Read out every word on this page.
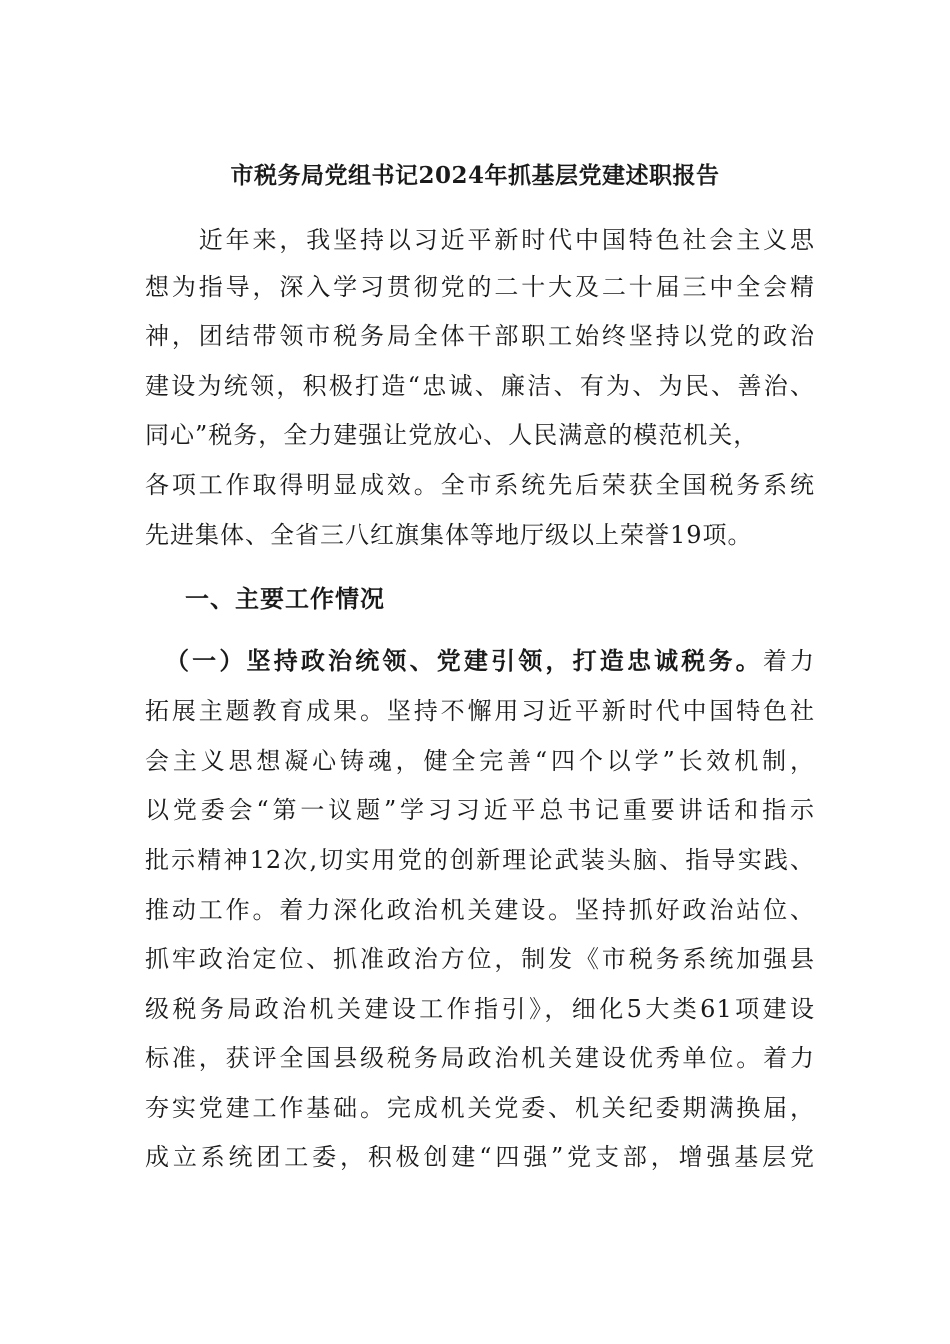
市税务局党组书记2024年抓基层党建述职报告
　　近年来，我坚持以习近平新时代中国特色社会主义思
想为指导，深入学习贯彻党的二十大及二十届三中全会精
神，团结带领市税务局全体干部职工始终坚持以党的政治
建设为统领，积极打造“忠诚、廉洁、有为、为民、善治、
同心”税务，全力建强让党放心、人民满意的模范机关，
各项工作取得明显成效。全市系统先后荣获全国税务系统
先进集体、全省三八红旗集体等地厅级以上荣誉19项。
一、主要工作情况
（一）坚持政治统领、党建引领，打造忠诚税务。着力
拓展主题教育成果。坚持不懈用习近平新时代中国特色社
会主义思想凝心铸魂，健全完善“四个以学”长效机制，
以党委会“第一议题”学习习近平总书记重要讲话和指示
批示精神12次,切实用党的创新理论武装头脑、指导实践、
推动工作。着力深化政治机关建设。坚持抓好政治站位、
抓牢政治定位、抓准政治方位，制发《市税务系统加强县
级税务局政治机关建设工作指引》，细化5大类61项建设
标准，获评全国县级税务局政治机关建设优秀单位。着力
夯实党建工作基础。完成机关党委、机关纪委期满换届，
成立系统团工委，积极创建“四强”党支部，增强基层党
